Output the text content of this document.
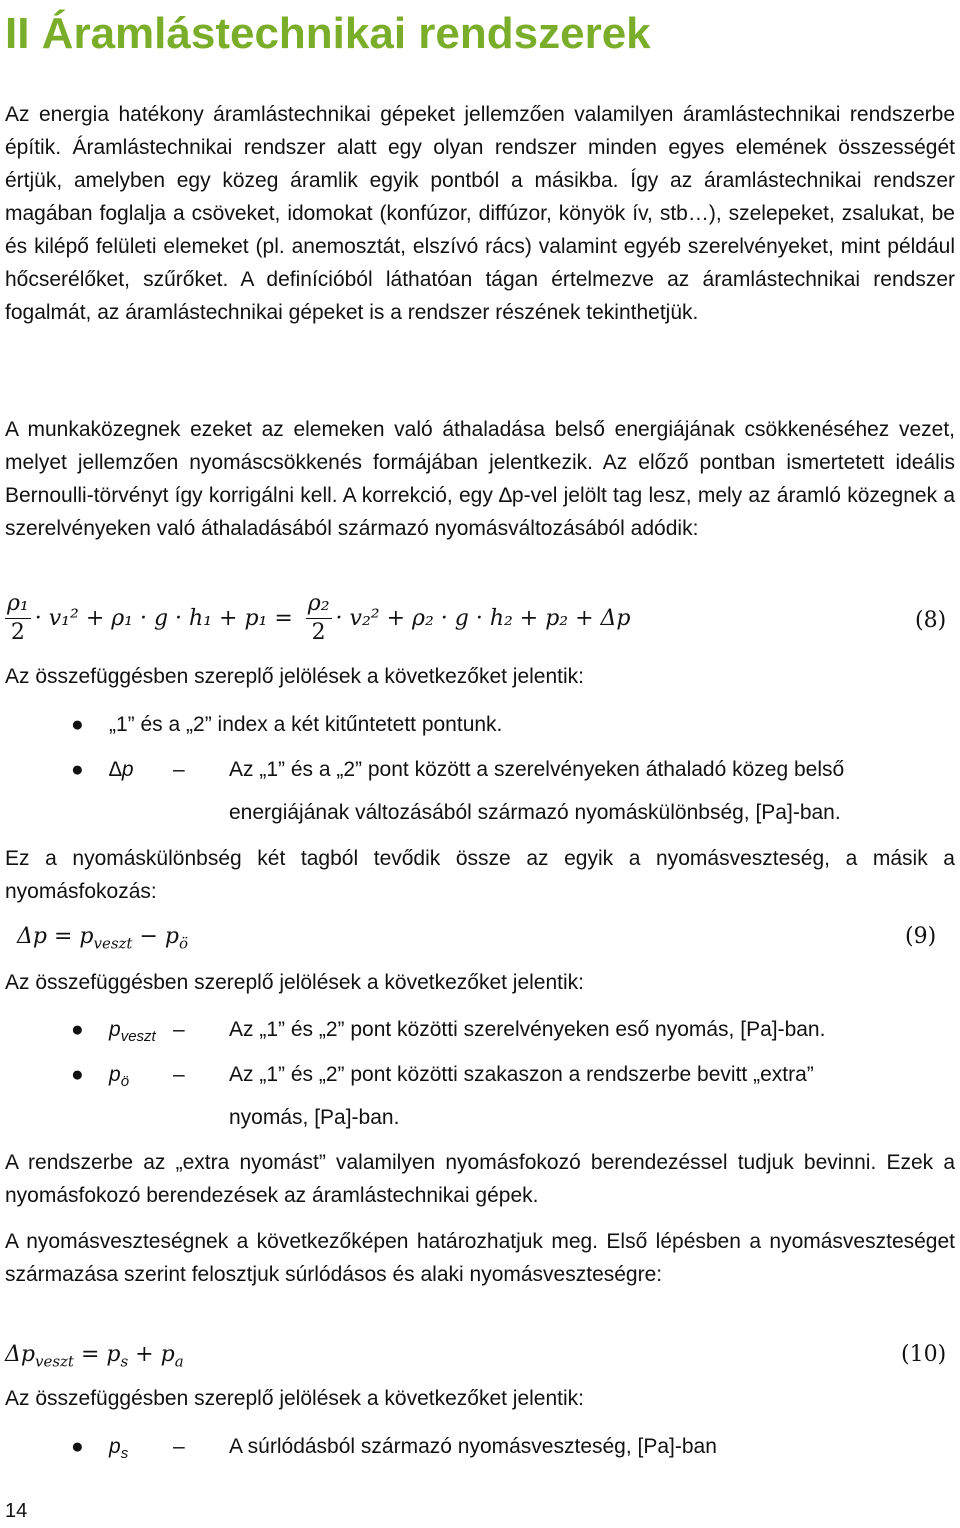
II Áramlástechnikai rendszerek
Az energia hatékony áramlástechnikai gépeket jellemzően valamilyen áramlástechnikai rendszerbe építik. Áramlástechnikai rendszer alatt egy olyan rendszer minden egyes elemének összességét értjük, amelyben egy közeg áramlik egyik pontból a másikba. Így az áramlástechnikai rendszer magában foglalja a csöveket, idomokat (konfúzor, diffúzor, könyök ív, stb…), szelepeket, zsalukat, be és kilépő felületi elemeket (pl. anemosztát, elszívó rács) valamint egyéb szerelvényeket, mint például hőcserélőket, szűrőket. A definícióból láthatóan tágan értelmezve az áramlástechnikai rendszer fogalmát, az áramlástechnikai gépeket is a rendszer részének tekinthetjük.
A munkaközegnek ezeket az elemeken való áthaladása belső energiájának csökkenéséhez vezet, melyet jellemzően nyomáscsökkenés formájában jelentkezik. Az előző pontban ismertetett ideális Bernoulli-törvényt így korrigálni kell. A korrekció, egy ∆p-vel jelölt tag lesz, mely az áramló közegnek a szerelvényeken való áthaladásából származó nyomásváltozásából adódik:
$\frac{\text{ρ₁}}{2} \cdot v_1^2 + \rho_1 \cdot g \cdot h_1 + p_1 = \frac{\text{ρ₂}}{2} \cdot v_2^2 + \rho_2 \cdot g \cdot h_2 + p_2 + \Delta p$	(8)
Az összefüggésben szereplő jelölések a következőket jelentik:
● „1” és a „2” index a két kitűntetett pontunk.
● ∆p – Az „1” és a „2” pont között a szerelvényeken áthaladó közeg belső
energiájának változásából származó nyomáskülönbség, [Pa]-ban.
Ez a nyomáskülönbség két tagból tevődik össze az egyik a nyomásveszteség, a másik a nyomásfokozás:
$\Delta p = p_{veszt} - p_ö$	(9)
Az összefüggésben szereplő jelölések a következőket jelentik:
● $p_{veszt}$ – Az „1” és „2” pont közötti szerelvényeken eső nyomás, [Pa]-ban.
● $p_ö$ – Az „1” és „2” pont közötti szakaszon a rendszerbe bevitt „extra”
nyomás, [Pa]-ban.
A rendszerbe az „extra nyomást” valamilyen nyomásfokozó berendezéssel tudjuk bevinni. Ezek a nyomásfokozó berendezések az áramlástechnikai gépek.
A nyomásveszteségnek a következőképen határozhatjuk meg. Első lépésben a nyomásveszteséget származása szerint felosztjuk súrlódásos és alaki nyomásveszteségre:
$\Delta p_{veszt} = p_s + p_a$	(10)
Az összefüggésben szereplő jelölések a következőket jelentik:
● $p_s$ – A súrlódásból származó nyomásveszteség, [Pa]-ban
14
